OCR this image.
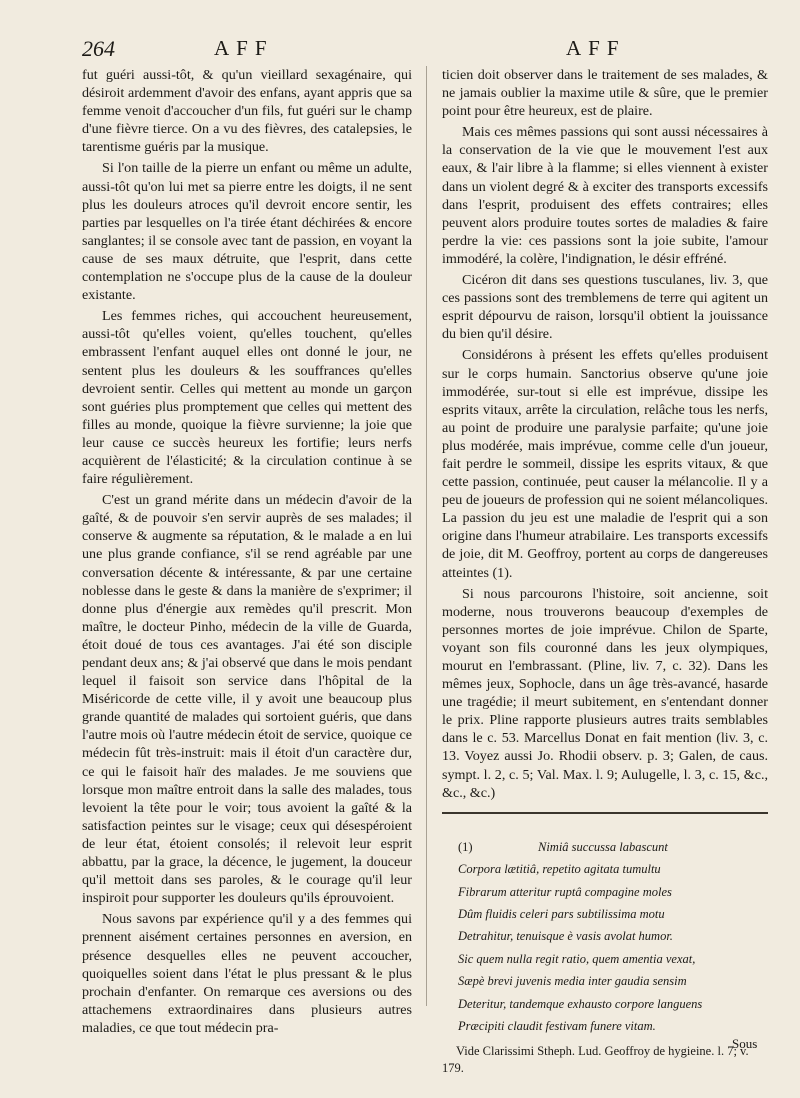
264	AFF	AFF

fut guéri aussi-tôt, & qu'un vieillard sexagénaire, qui désiroit ardemment d'avoir des enfans, ayant appris que sa femme venoit d'accoucher d'un fils, fut guéri sur le champ d'une fièvre tierce. On a vu des fièvres, des catalepsies, le tarentisme guéris par la musique.

Si l'on taille de la pierre un enfant ou même un adulte, aussi-tôt qu'on lui met sa pierre entre les doigts, il ne sent plus les douleurs atroces qu'il devroit encore sentir, les parties par lesquelles on l'a tirée étant déchirées & encore sanglantes; il se console avec tant de passion, en voyant la cause de ses maux détruite, que l'esprit, dans cette contemplation ne s'occupe plus de la cause de la douleur existante.

Les femmes riches, qui accouchent heureusement, aussi-tôt qu'elles voient, qu'elles touchent, qu'elles embrassent l'enfant auquel elles ont donné le jour, ne sentent plus les douleurs & les souffrances qu'elles devroient sentir. Celles qui mettent au monde un garçon sont guéries plus promptement que celles qui mettent des filles au monde, quoique la fièvre survienne; la joie que leur cause ce succès heureux les fortifie; leurs nerfs acquièrent de l'élasticité; & la circulation continue à se faire régulièrement.

C'est un grand mérite dans un médecin d'avoir de la gaîté, & de pouvoir s'en servir auprès de ses malades; il conserve & augmente sa réputation, & le malade a en lui une plus grande confiance, s'il se rend agréable par une conversation décente & intéressante, & par une certaine noblesse dans le geste & dans la manière de s'exprimer; il donne plus d'énergie aux remèdes qu'il prescrit. Mon maître, le docteur Pinho, médecin de la ville de Guarda, étoit doué de tous ces avantages. J'ai été son disciple pendant deux ans; & j'ai observé que dans le mois pendant lequel il faisoit son service dans l'hôpital de la Miséricorde de cette ville, il y avoit une beaucoup plus grande quantité de malades qui sortoient guéris, que dans l'autre mois où l'autre médecin étoit de service, quoique ce médecin fût très-instruit: mais il étoit d'un caractère dur, ce qui le faisoit haïr des malades. Je me souviens que lorsque mon maître entroit dans la salle des malades, tous levoient la tête pour le voir; tous avoient la gaîté & la satisfaction peintes sur le visage; ceux qui désespéroient de leur état, étoient consolés; il relevoit leur esprit abbattu, par la grace, la décence, le jugement, la douceur qu'il mettoit dans ses paroles, & le courage qu'il leur inspiroit pour supporter les douleurs qu'ils éprouvoient.

Nous savons par expérience qu'il y a des femmes qui prennent aisément certaines personnes en aversion, en présence desquelles elles ne peuvent accoucher, quoiquelles soient dans l'état le plus pressant & le plus prochain d'enfanter. On remarque ces aversions ou des attachemens extraordinaires dans plusieurs autres maladies, ce que tout médecin pra-

ticien doit observer dans le traitement de ses malades, & ne jamais oublier la maxime utile & sûre, que le premier point pour être heureux, est de plaire.

Mais ces mêmes passions qui sont aussi nécessaires à la conservation de la vie que le mouvement l'est aux eaux, & l'air libre à la flamme; si elles viennent à exister dans un violent degré & à exciter des transports excessifs dans l'esprit, produisent des effets contraires; elles peuvent alors produire toutes sortes de maladies & faire perdre la vie: ces passions sont la joie subite, l'amour immodéré, la colère, l'indignation, le désir effréné.

Cicéron dit dans ses questions tusculanes, liv. 3, que ces passions sont des tremblemens de terre qui agitent un esprit dépourvu de raison, lorsqu'il obtient la jouissance du bien qu'il désire.

Considérons à présent les effets qu'elles produisent sur le corps humain. Sanctorius observe qu'une joie immodérée, sur-tout si elle est imprévue, dissipe les esprits vitaux, arrête la circulation, relâche tous les nerfs, au point de produire une paralysie parfaite; qu'une joie plus modérée, mais imprévue, comme celle d'un joueur, fait perdre le sommeil, dissipe les esprits vitaux, & que cette passion, continuée, peut causer la mélancolie. Il y a peu de joueurs de profession qui ne soient mélancoliques. La passion du jeu est une maladie de l'esprit qui a son origine dans l'humeur atrabilaire. Les transports excessifs de joie, dit M. Geoffroy, portent au corps de dangereuses atteintes (1).

Si nous parcourons l'histoire, soit ancienne, soit moderne, nous trouverons beaucoup d'exemples de personnes mortes de joie imprévue. Chilon de Sparte, voyant son fils couronné dans les jeux olympiques, mourut en l'embrassant. (Pline, liv. 7, c. 32). Dans les mêmes jeux, Sophocle, dans un âge très-avancé, hasarde une tragédie; il meurt subitement, en s'entendant donner le prix. Pline rapporte plusieurs autres traits semblables dans le c. 53. Marcellus Donat en fait mention (liv. 3, c. 13. Voyez aussi Jo. Rhodii observ. p. 3; Galen, de caus. sympt. l. 2, c. 5; Val. Max. l. 9; Aulugelle, l. 3, c. 15, &c., &c., &c.)

(1)	Nimiâ succussa labascunt
Corpora lætitiâ, repetito agitata tumultu
Fibrarum atteritur ruptâ compagine moles
Dûm fluidis celeri pars subtilissima motu
Detrahitur, tenuisque è vasis avolat humor.
Sic quem nulla regit ratio, quem amentia vexat,
Sæpè brevi juvenis media inter gaudia sensim
Deteritur, tandemque exhausto corpore languens
Præcipiti claudit festivam funere vitam.
Vide Clarissimi Stheph. Lud. Geoffroy de hygieine. l. 7; v. 179.
Sous
